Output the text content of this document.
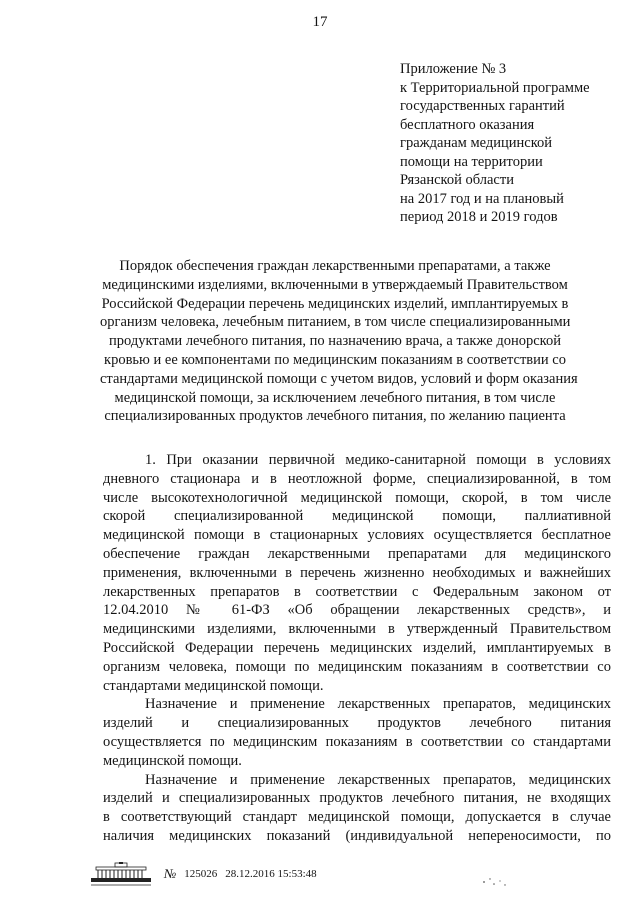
17
Приложение № 3
к Территориальной программе
государственных гарантий
бесплатного оказания
гражданам медицинской
помощи на территории
Рязанской области
на 2017 год и на плановый
период 2018 и 2019 годов
Порядок обеспечения граждан лекарственными препаратами, а также
медицинскими изделиями, включенными в утверждаемый Правительством
Российской Федерации перечень медицинских изделий, имплантируемых в
организм человека, лечебным питанием, в том числе специализированными
продуктами лечебного питания, по назначению врача, а также донорской
кровью и ее компонентами по медицинским показаниям в соответствии со
стандартами медицинской помощи с учетом видов, условий и форм оказания
медицинской помощи, за исключением лечебного питания, в том числе
специализированных продуктов лечебного питания, по желанию пациента
1. При оказании первичной медико-санитарной помощи в условиях
дневного стационара и в неотложной форме, специализированной, в том
числе высокотехнологичной медицинской помощи, скорой, в том числе
скорой специализированной медицинской помощи, паллиативной
медицинской помощи в стационарных условиях осуществляется бесплатное
обеспечение граждан лекарственными препаратами для медицинского
применения, включенными в перечень жизненно необходимых и важнейших
лекарственных препаратов в соответствии с Федеральным законом от
12.04.2010 № 61-ФЗ «Об обращении лекарственных средств», и
медицинскими изделиями, включенными в утвержденный Правительством
Российской Федерации перечень медицинских изделий, имплантируемых в
организм человека, помощи по медицинским показаниям в соответствии со
стандартами медицинской помощи.
Назначение и применение лекарственных препаратов, медицинских
изделий и специализированных продуктов лечебного питания
осуществляется по медицинским показаниям в соответствии со стандартами
медицинской помощи.
Назначение и применение лекарственных препаратов, медицинских
изделий и специализированных продуктов лечебного питания, не входящих
в соответствующий стандарт медицинской помощи, допускается в случае
наличия медицинских показаний (индивидуальной непереносимости, по
№ 125026 28.12.2016 15:53:48
